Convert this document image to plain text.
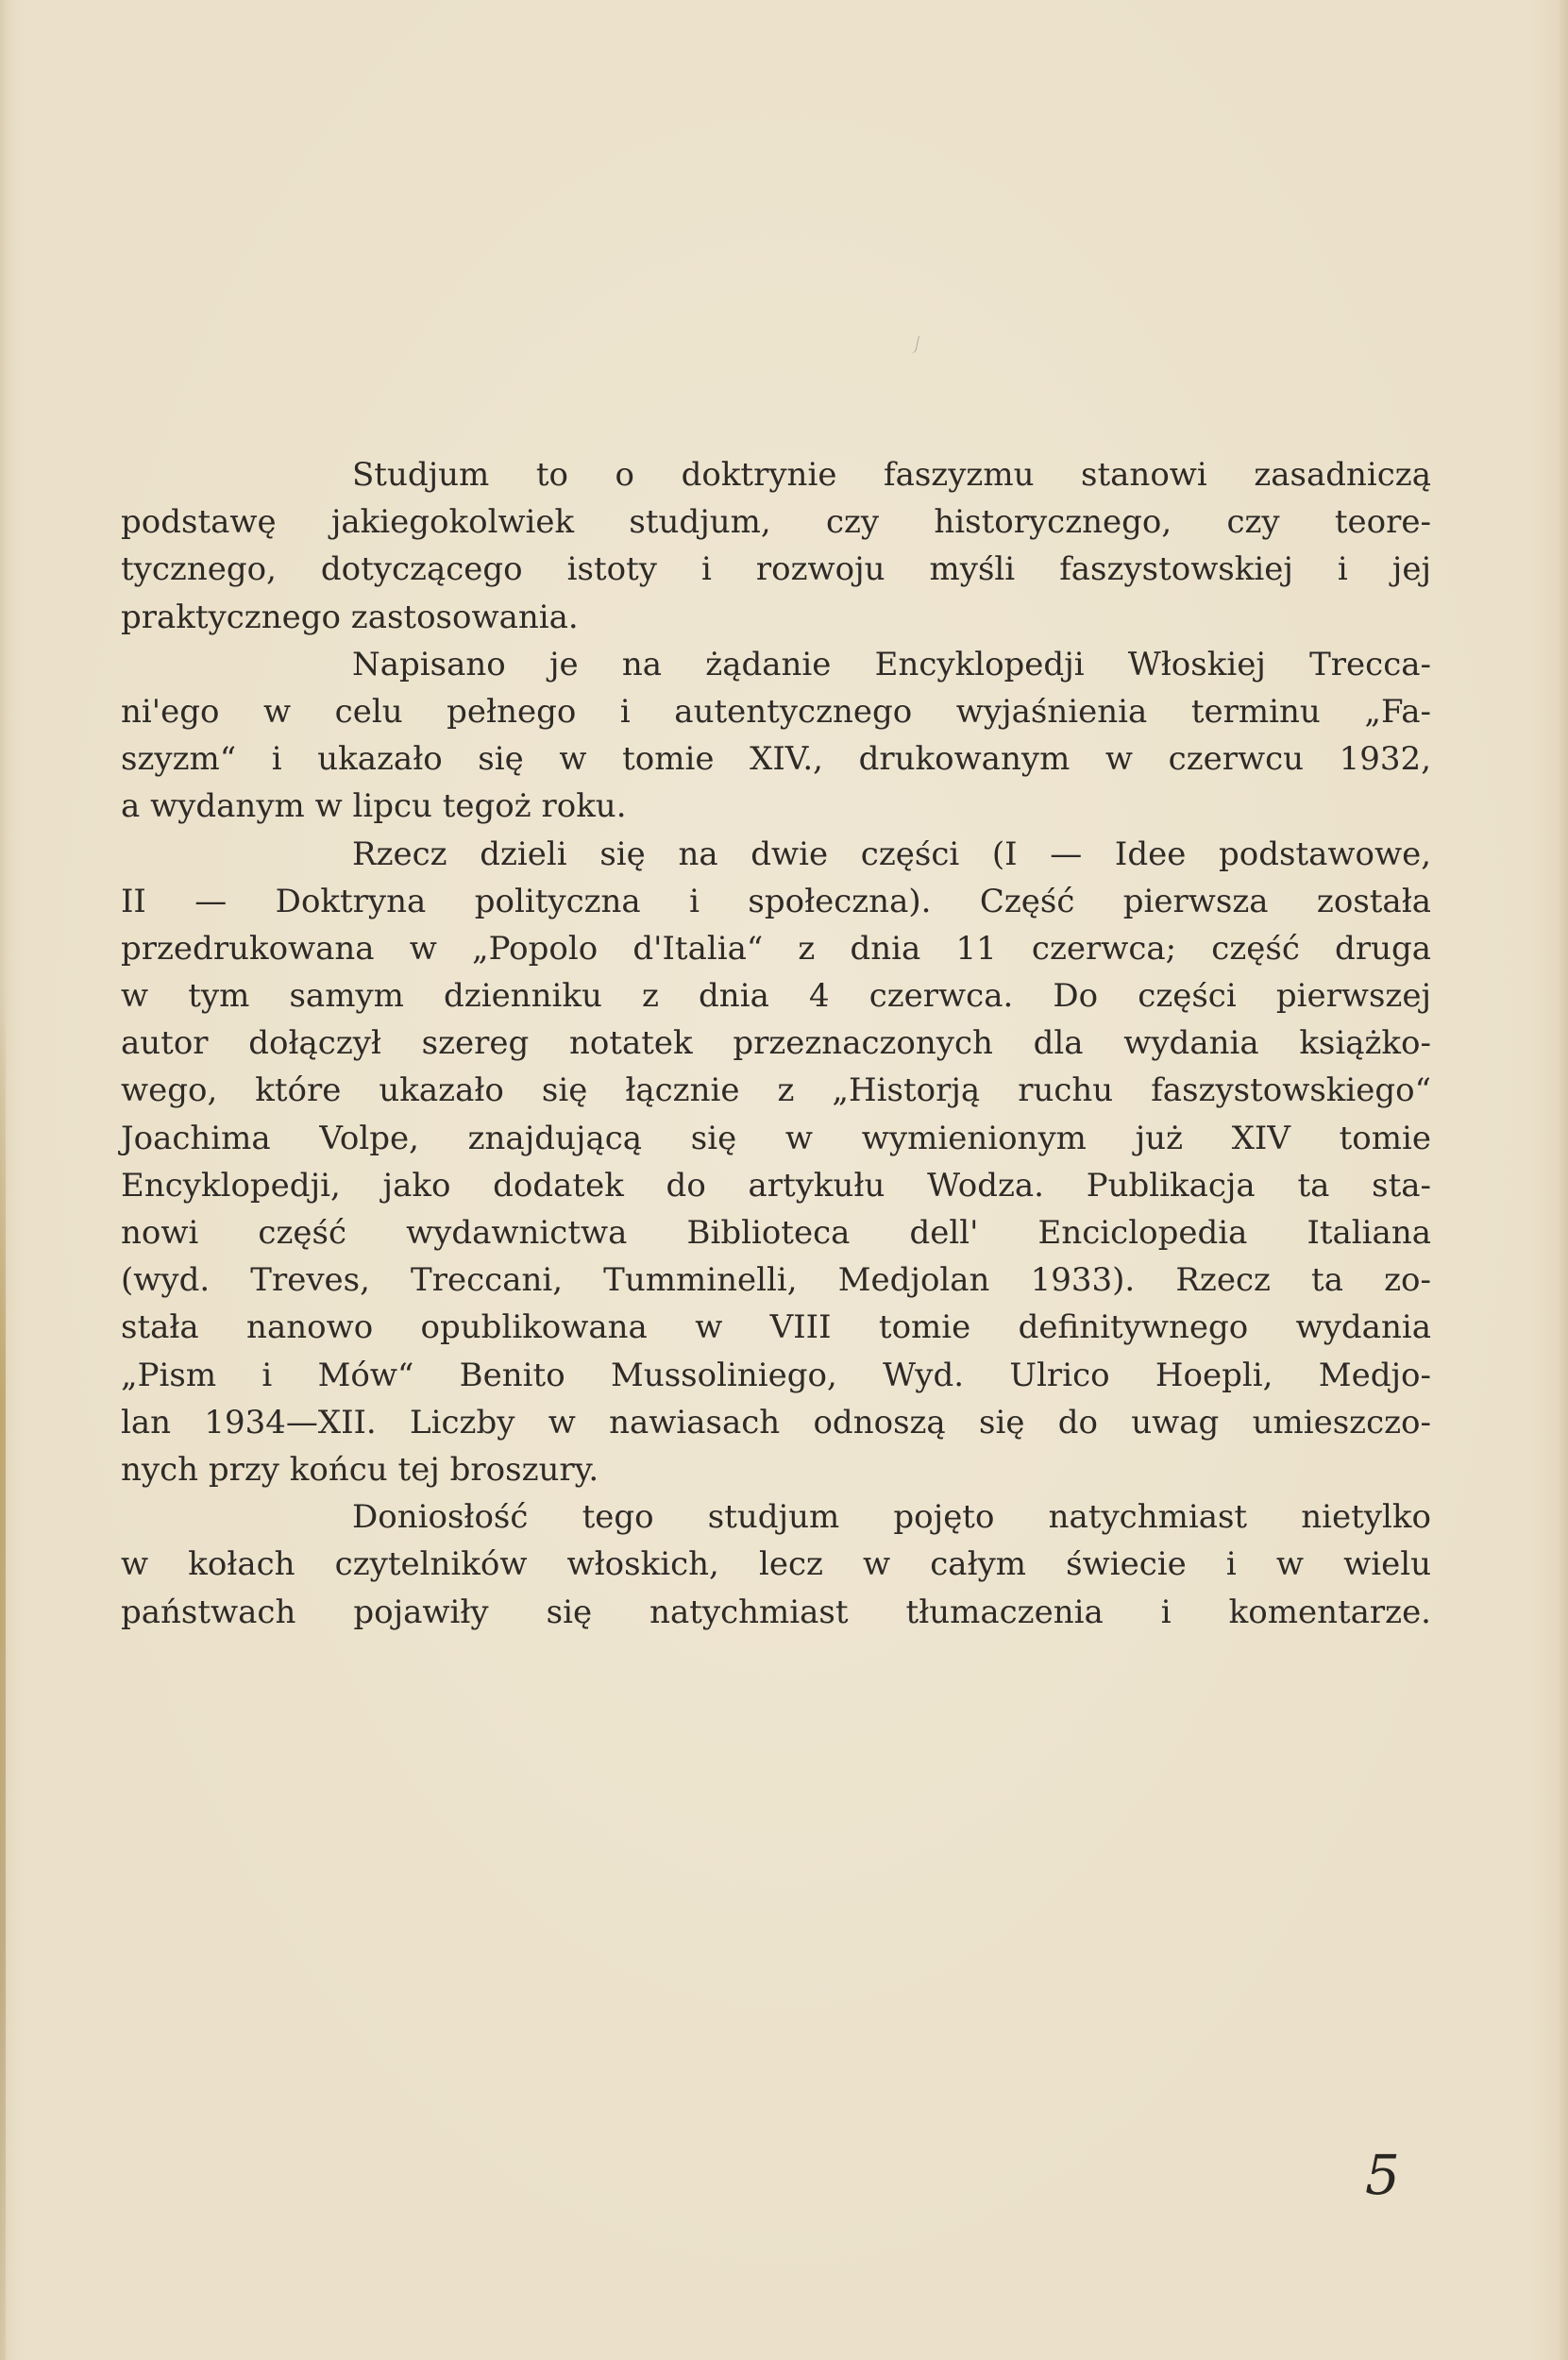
Studjum to o doktrynie faszyzmu stanowi zasadniczą
podstawę jakiegokolwiek studjum, czy historycznego, czy teore-
tycznego, dotyczącego istoty i rozwoju myśli faszystowskiej i jej
praktycznego zastosowania.
Napisano je na żądanie Encyklopedji Włoskiej Trecca-
ni'ego w celu pełnego i autentycznego wyjaśnienia terminu „Fa-
szyzm“ i ukazało się w tomie XIV., drukowanym w czerwcu 1932,
a wydanym w lipcu tegoż roku.
Rzecz dzieli się na dwie części (I — Idee podstawowe,
II — Doktryna polityczna i społeczna). Część pierwsza została
przedrukowana w „Popolo d'Italia“ z dnia 11 czerwca; część druga
w tym samym dzienniku z dnia 4 czerwca. Do części pierwszej
autor dołączył szereg notatek przeznaczonych dla wydania książko-
wego, które ukazało się łącznie z „Historją ruchu faszystowskiego“
Joachima Volpe, znajdującą się w wymienionym już XIV tomie
Encyklopedji, jako dodatek do artykułu Wodza. Publikacja ta sta-
nowi część wydawnictwa Biblioteca dell' Enciclopedia Italiana
(wyd. Treves, Treccani, Tumminelli, Medjolan 1933). Rzecz ta zo-
stała nanowo opublikowana w VIII tomie definitywnego wydania
„Pism i Mów“ Benito Mussoliniego, Wyd. Ulrico Hoepli, Medjo-
lan 1934—XII. Liczby w nawiasach odnoszą się do uwag umieszczo-
nych przy końcu tej broszury.
Doniosłość tego studjum pojęto natychmiast nietylko
w kołach czytelników włoskich, lecz w całym świecie i w wielu
państwach pojawiły się natychmiast tłumaczenia i komentarze.
5
